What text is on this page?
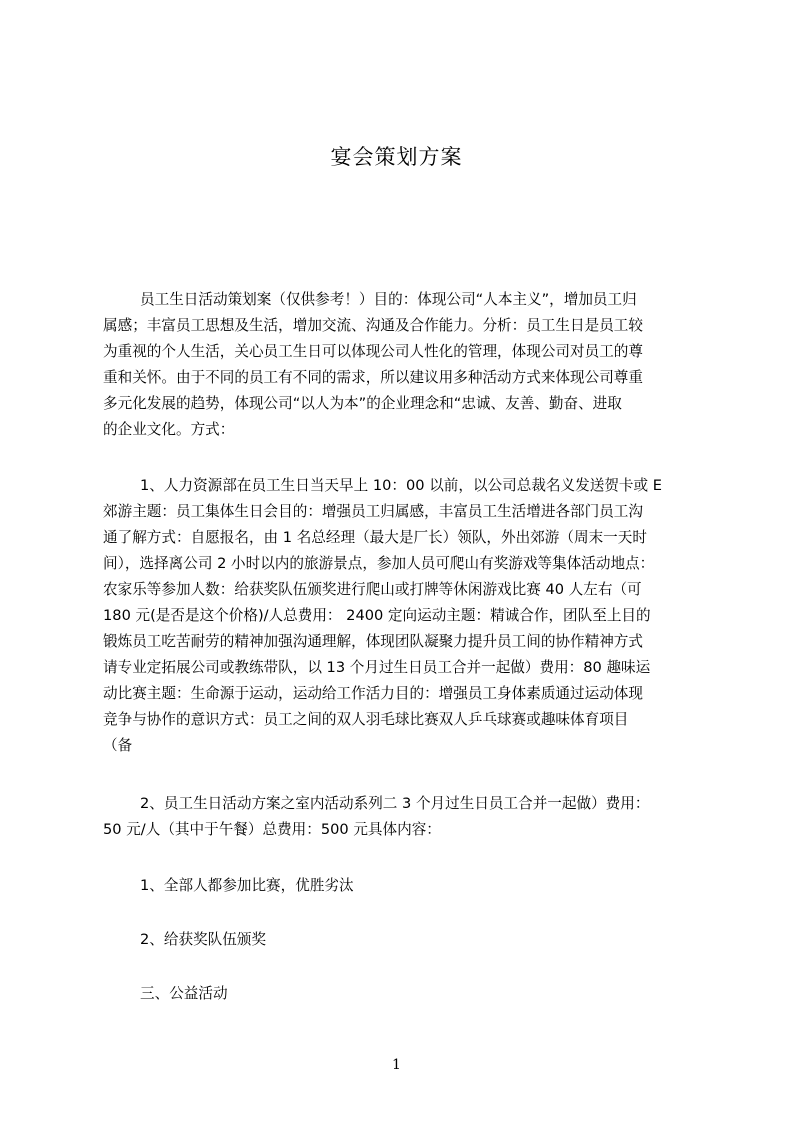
宴会策划方案
员工生日活动策划案（仅供参考！）目的：体现公司“人本主义”，增加员工归
属感；丰富员工思想及生活，增加交流、沟通及合作能力。分析：员工生日是员工较
为重视的个人生活，关心员工生日可以体现公司人性化的管理，体现公司对员工的尊
重和关怀。由于不同的员工有不同的需求，所以建议用多种活动方式来体现公司尊重
多元化发展的趋势，体现公司“以人为本”的企业理念和“忠诚、友善、勤奋、进取
的企业文化。方式：
1、人力资源部在员工生日当天早上 10：00 以前，以公司总裁名义发送贺卡或 E
郊游主题：员工集体生日会目的：增强员工归属感，丰富员工生活增进各部门员工沟
通了解方式：自愿报名，由 1 名总经理（最大是厂长）领队，外出郊游（周末一天时
间），选择离公司 2 小时以内的旅游景点，参加人员可爬山有奖游戏等集体活动地点：
农家乐等参加人数：给获奖队伍颁奖进行爬山或打牌等休闲游戏比赛 40 人左右（可
180 元(是否是这个价格)/人总费用： 2400 定向运动主题：精诚合作，团队至上目的
锻炼员工吃苦耐劳的精神加强沟通理解，体现团队凝聚力提升员工间的协作精神方式
请专业定拓展公司或教练带队，以 13 个月过生日员工合并一起做）费用：80 趣味运
动比赛主题：生命源于运动，运动给工作活力目的：增强员工身体素质通过运动体现
竞争与协作的意识方式：员工之间的双人羽毛球比赛双人乒乓球赛或趣味体育项目
（备
2、员工生日活动方案之室内活动系列二 3 个月过生日员工合并一起做）费用：
50 元/人（其中于午餐）总费用：500 元具体内容：
1、全部人都参加比赛，优胜劣汰
2、给获奖队伍颁奖
三、公益活动
1
